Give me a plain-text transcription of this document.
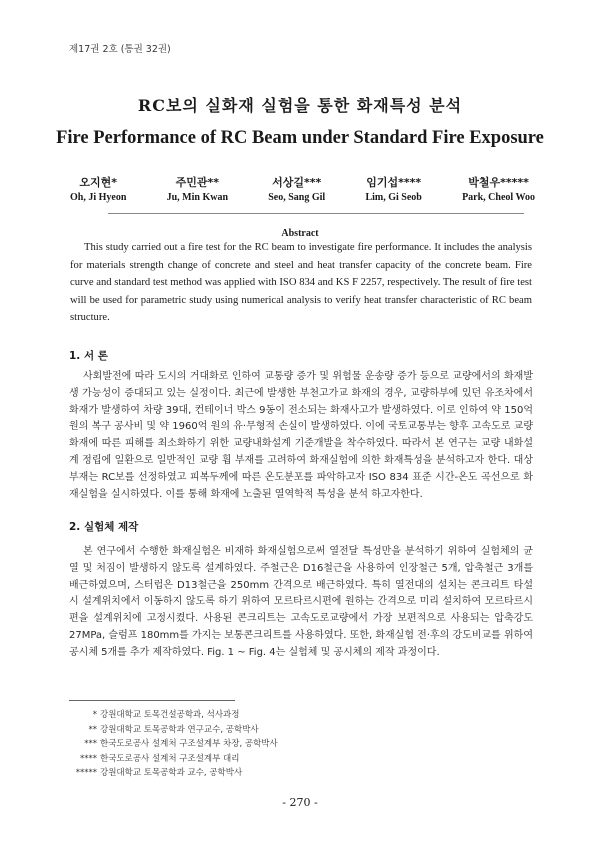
제17권 2호 (통권 32권)
RC보의 실화재 실험을 통한 화재특성 분석
Fire Performance of RC Beam under Standard Fire Exposure
오지현*
Oh, Ji Hyeon
주민관**
Ju, Min Kwan
서상길***
Seo, Sang Gil
임기섭****
Lim, Gi Seob
박철우*****
Park, Cheol Woo
Abstract
This study carried out a fire test for the RC beam to investigate fire performance. It includes the analysis for materials strength change of concrete and steel and heat transfer capacity of the concrete beam. Fire curve and standard test method was applied with ISO 834 and KS F 2257, respectively. The result of fire test will be used for parametric study using numerical analysis to verify heat transfer characteristic of RC beam structure.
1. 서 론
사회발전에 따라 도시의 거대화로 인하여 교통량 증가 및 위험물 운송량 증가 등으로 교량에서의 화재발생 가능성이 증대되고 있는 실정이다. 최근에 발생한 부천고가교 화재의 경우, 교량하부에 있던 유조차에서 화재가 발생하여 차량 39대, 컨테이너 박스 9동이 전소되는 화재사고가 발생하였다. 이로 인하여 약 150억 원의 복구 공사비 및 약 1960억 원의 유·무형적 손실이 발생하였다. 이에 국토교통부는 향후 고속도로 교량 화재에 따른 피해를 최소화하기 위한 교량내화설계 기준개발을 착수하였다. 따라서 본 연구는 교량 내화설계 정립에 일환으로 일반적인 교량 휨 부재를 고려하여 화재실험에 의한 화재특성을 분석하고자 한다. 대상 부재는 RC보를 선정하였고 피복두께에 따른 온도분포를 파악하고자 ISO 834 표준 시간-온도 곡선으로 화재실험을 실시하였다. 이를 통해 화재에 노출된 열역학적 특성을 분석 하고자한다.
2. 실험체 제작
본 연구에서 수행한 화재실험은 비재하 화재실험으로써 열전달 특성만을 분석하기 위하여 실험체의 균열 및 처짐이 발생하지 않도록 설계하였다. 주철근은 D16철근을 사용하여 인장철근 5개, 압축철근 3개를 배근하였으며, 스터럽은 D13철근을 250mm 간격으로 배근하였다. 특히 열전대의 설치는 콘크리트 타설시 설계위치에서 이동하지 않도록 하기 위하여 모르타르시편에 원하는 간격으로 미리 설치하여 모르타르시편을 설계위치에 고정시켰다. 사용된 콘크리트는 고속도로교량에서 가장 보편적으로 사용되는 압축강도 27MPa, 슬럼프 180mm를 가지는 보통콘크리트를 사용하였다. 또한, 화재실험 전·후의 강도비교를 위하여 공시체 5개를 추가 제작하였다. Fig. 1 ~ Fig. 4는 실험체 및 공시체의 제작 과정이다.
* 강원대학교 토목건설공학과, 석사과정
** 강원대학교 토목공학과 연구교수, 공학박사
*** 한국도로공사 설계처 구조설계부 차장, 공학박사
**** 한국도로공사 설계처 구조설계부 대리
***** 강원대학교 토목공학과 교수, 공학박사
- 270 -
